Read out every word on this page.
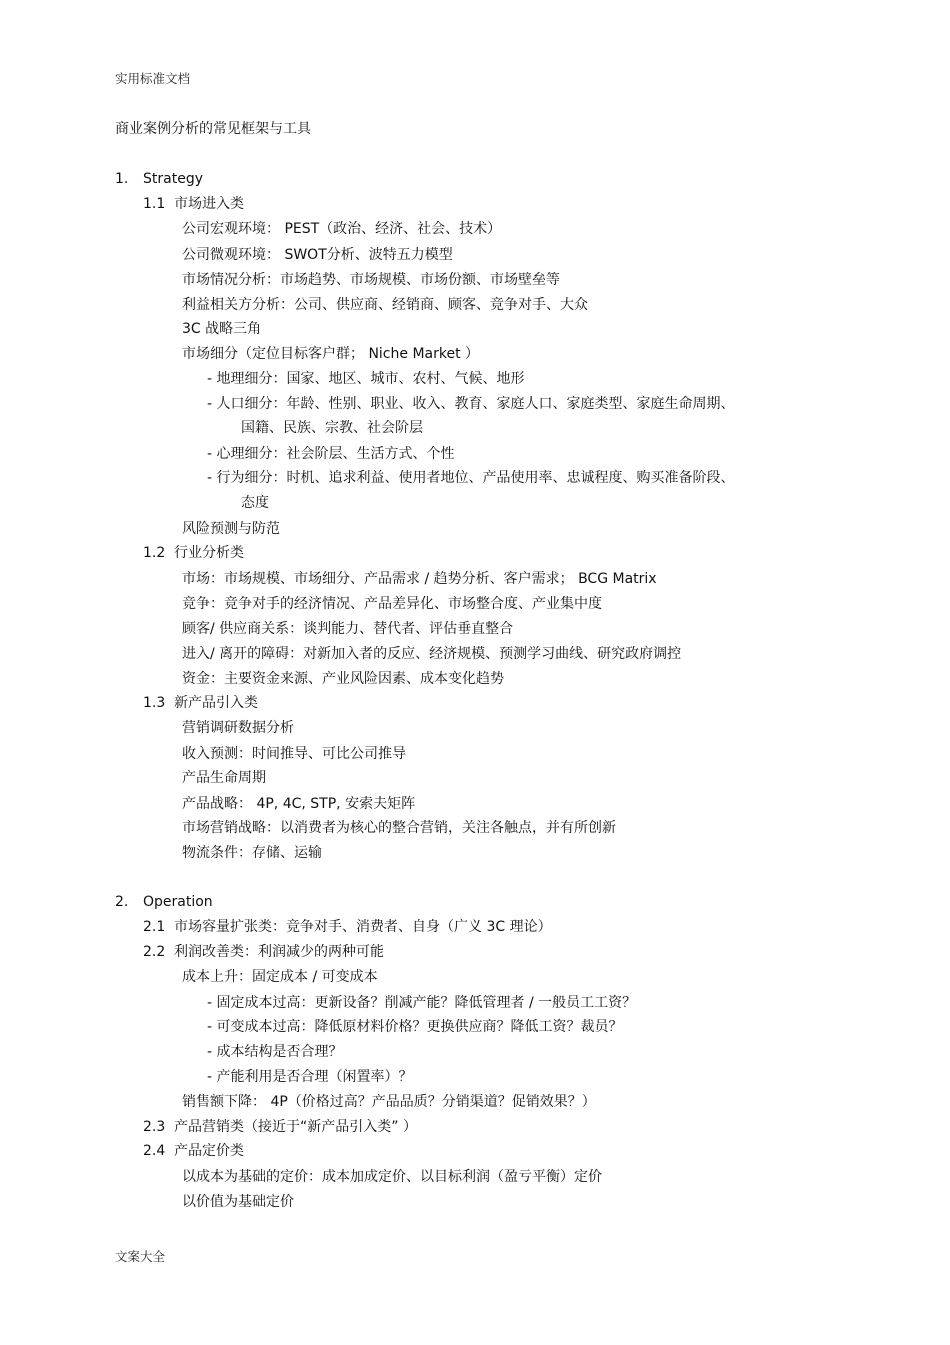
实用标准文档
商业案例分析的常见框架与工具
1. Strategy
1.1 市场进入类
公司宏观环境： PEST（政治、经济、社会、技术）
公司微观环境： SWOT分析、波特五力模型
市场情况分析：市场趋势、市场规模、市场份额、市场壁垒等
利益相关方分析：公司、供应商、经销商、顾客、竞争对手、大众
3C 战略三角
市场细分（定位目标客户群； Niche Market ）
- 地理细分：国家、地区、城市、农村、气候、地形
- 人口细分：年龄、性别、职业、收入、教育、家庭人口、家庭类型、家庭生命周期、
国籍、民族、宗教、社会阶层
- 心理细分：社会阶层、生活方式、个性
- 行为细分：时机、追求利益、使用者地位、产品使用率、忠诚程度、购买准备阶段、
态度
风险预测与防范
1.2 行业分析类
市场：市场规模、市场细分、产品需求 / 趋势分析、客户需求； BCG Matrix
竞争：竞争对手的经济情况、产品差异化、市场整合度、产业集中度
顾客/ 供应商关系：谈判能力、替代者、评估垂直整合
进入/ 离开的障碍：对新加入者的反应、经济规模、预测学习曲线、研究政府调控
资金：主要资金来源、产业风险因素、成本变化趋势
1.3 新产品引入类
营销调研数据分析
收入预测：时间推导、可比公司推导
产品生命周期
产品战略： 4P, 4C, STP, 安索夫矩阵
市场营销战略：以消费者为核心的整合营销，关注各触点，并有所创新
物流条件：存储、运输
2. Operation
2.1 市场容量扩张类：竞争对手、消费者、自身（广义 3C 理论）
2.2 利润改善类：利润减少的两种可能
成本上升：固定成本 / 可变成本
- 固定成本过高：更新设备？削减产能？降低管理者 / 一般员工工资？
- 可变成本过高：降低原材料价格？更换供应商？降低工资？裁员？
- 成本结构是否合理？
- 产能利用是否合理（闲置率）？
销售额下降： 4P（价格过高？产品品质？分销渠道？促销效果？）
2.3 产品营销类（接近于“新产品引入类” ）
2.4 产品定价类
以成本为基础的定价：成本加成定价、以目标利润（盈亏平衡）定价
以价值为基础定价
文案大全
